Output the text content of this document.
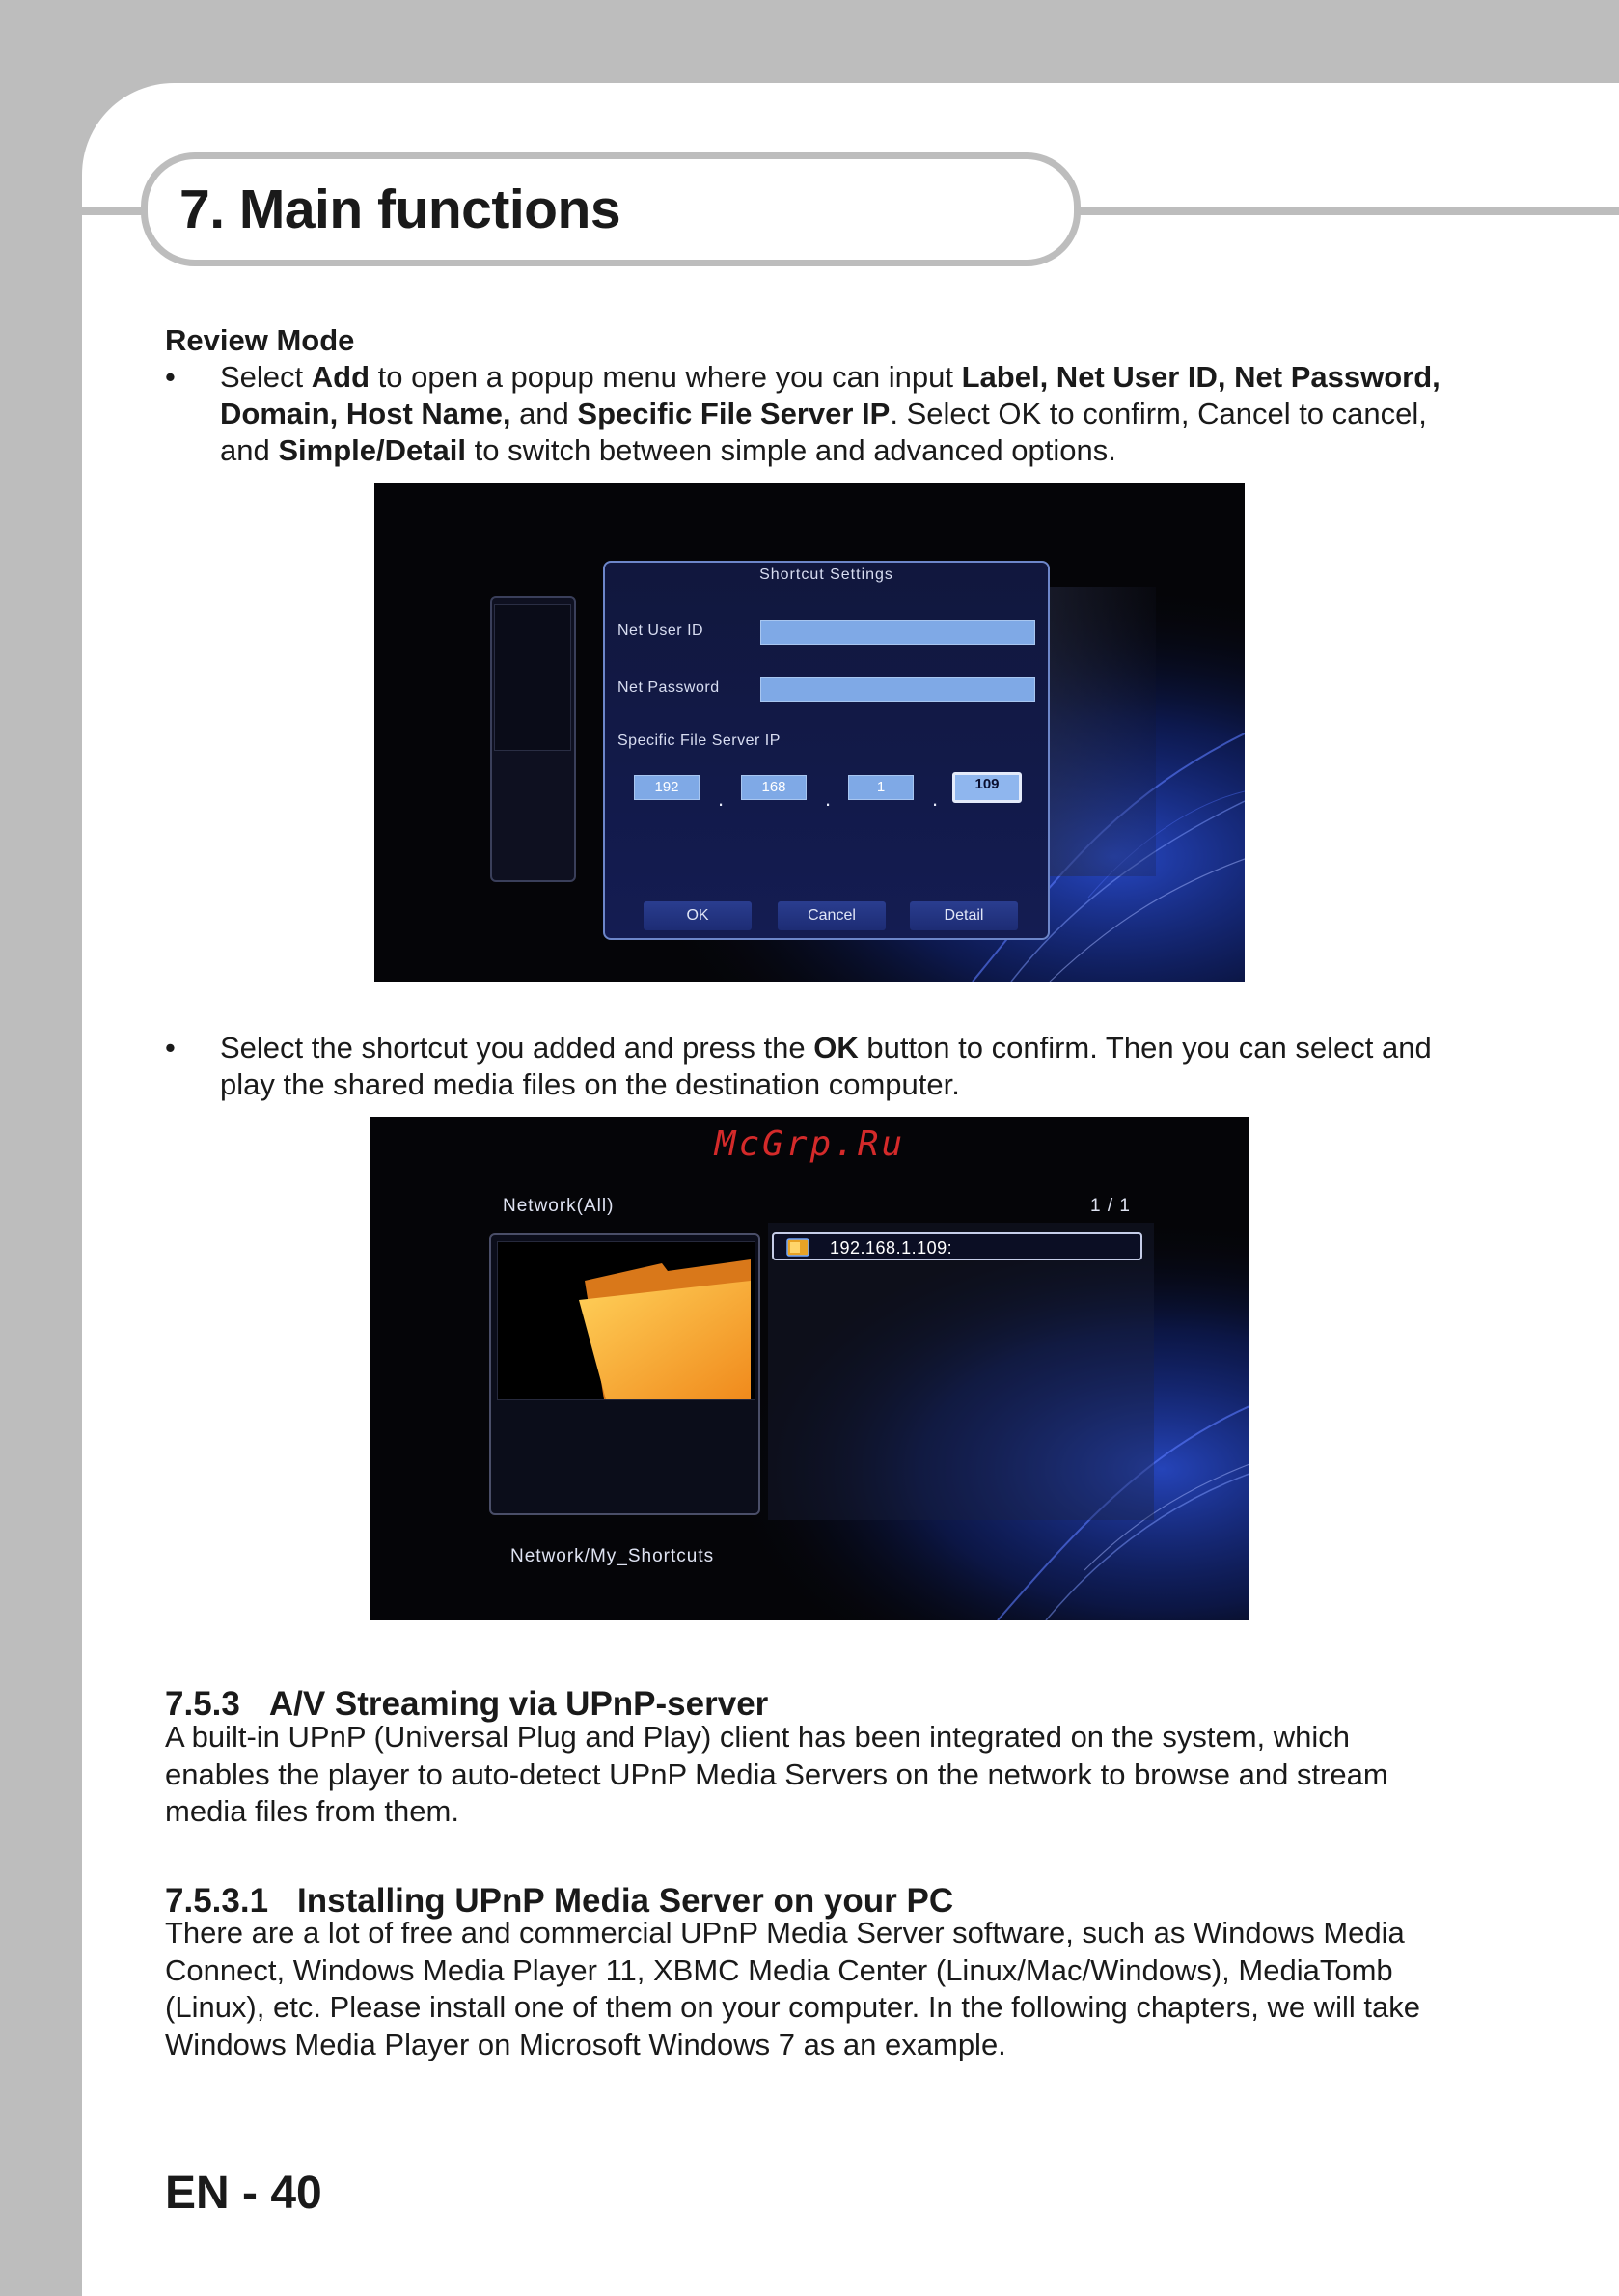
7. Main functions
Review Mode
• Select Add to open a popup menu where you can input Label, Net User ID, Net Password, Domain, Host Name, and Specific File Server IP. Select OK to confirm, Cancel to cancel, and Simple/Detail to switch between simple and advanced options.
Shortcut Settings
Net User ID
Net Password
Specific File Server IP
192	.	168	.	1	.
109
OK	Cancel	Detail
• Select the shortcut you added and press the OK button to confirm. Then you can select and play the shared media files on the destination computer.
McGrp.Ru
Network(All)	1 / 1
192.168.1.109:
Network/My_Shortcuts
7.5.3 A/V Streaming via UPnP-server
A built-in UPnP (Universal Plug and Play) client has been integrated on the system, which enables the player to auto-detect UPnP Media Servers on the network to browse and stream media files from them.
7.5.3.1 Installing UPnP Media Server on your PC
There are a lot of free and commercial UPnP Media Server software, such as Windows Media Connect, Windows Media Player 11, XBMC Media Center (Linux/Mac/Windows), MediaTomb (Linux), etc. Please install one of them on your computer. In the following chapters, we will take Windows Media Player on Microsoft Windows 7 as an example.
EN - 40
